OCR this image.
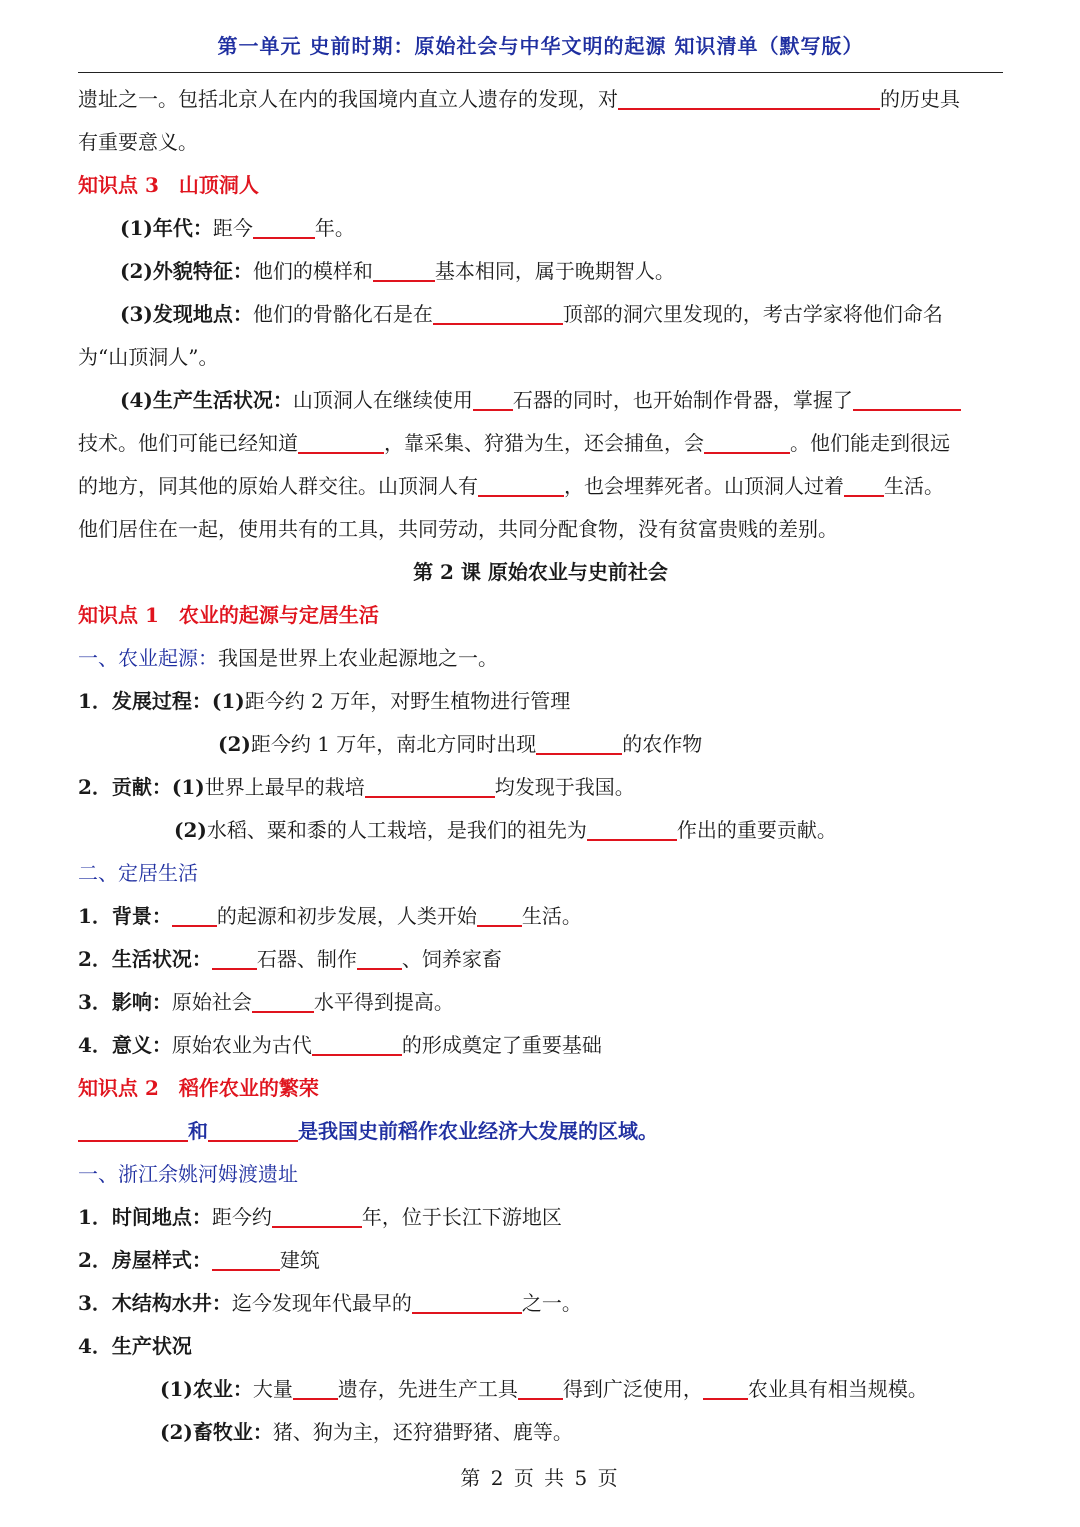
第一单元 史前时期：原始社会与中华文明的起源 知识清单（默写版）
遗址之一。包括北京人在内的我国境内直立人遗存的发现，对	的历史具
有重要意义。
知识点 3　山顶洞人
(1)年代：距今	年。
(2)外貌特征：他们的模样和	基本相同，属于晚期智人。
(3)发现地点：他们的骨骼化石是在	顶部的洞穴里发现的，考古学家将他们命名
为“山顶洞人”。
(4)生产生活状况：山顶洞人在继续使用 石器的同时，也开始制作骨器，掌握了
技术。他们可能已经知道	，靠采集、狩猎为生，还会捕鱼，会	。他们能走到很远
的地方，同其他的原始人群交往。山顶洞人有	，也会埋葬死者。山顶洞人过着 生活。
他们居住在一起，使用共有的工具，共同劳动，共同分配食物，没有贫富贵贱的差别。
第 2 课 原始农业与史前社会
知识点 1　农业的起源与定居生活
一、农业起源：我国是世界上农业起源地之一。
1．发展过程：(1)距今约 2 万年，对野生植物进行管理
(2)距今约 1 万年，南北方同时出现	的农作物
2．贡献：(1)世界上最早的栽培	均发现于我国。
(2)水稻、粟和黍的人工栽培，是我们的祖先为	作出的重要贡献。
二、定居生活
1．背景： 的起源和初步发展，人类开始 生活。
2．生活状况： 石器、制作 、饲养家畜
3．影响：原始社会	水平得到提高。
4．意义：原始农业为古代	的形成奠定了重要基础
知识点 2　稻作农业的繁荣
和	是我国史前稻作农业经济大发展的区域。
一、浙江余姚河姆渡遗址
1．时间地点：距今约	年，位于长江下游地区
2．房屋样式：	建筑
3．木结构水井：迄今发现年代最早的	之一。
4．生产状况
(1)农业：大量 遗存，先进生产工具 得到广泛使用， 农业具有相当规模。
(2)畜牧业：猪、狗为主，还狩猎野猪、鹿等。
第 2 页 共 5 页
